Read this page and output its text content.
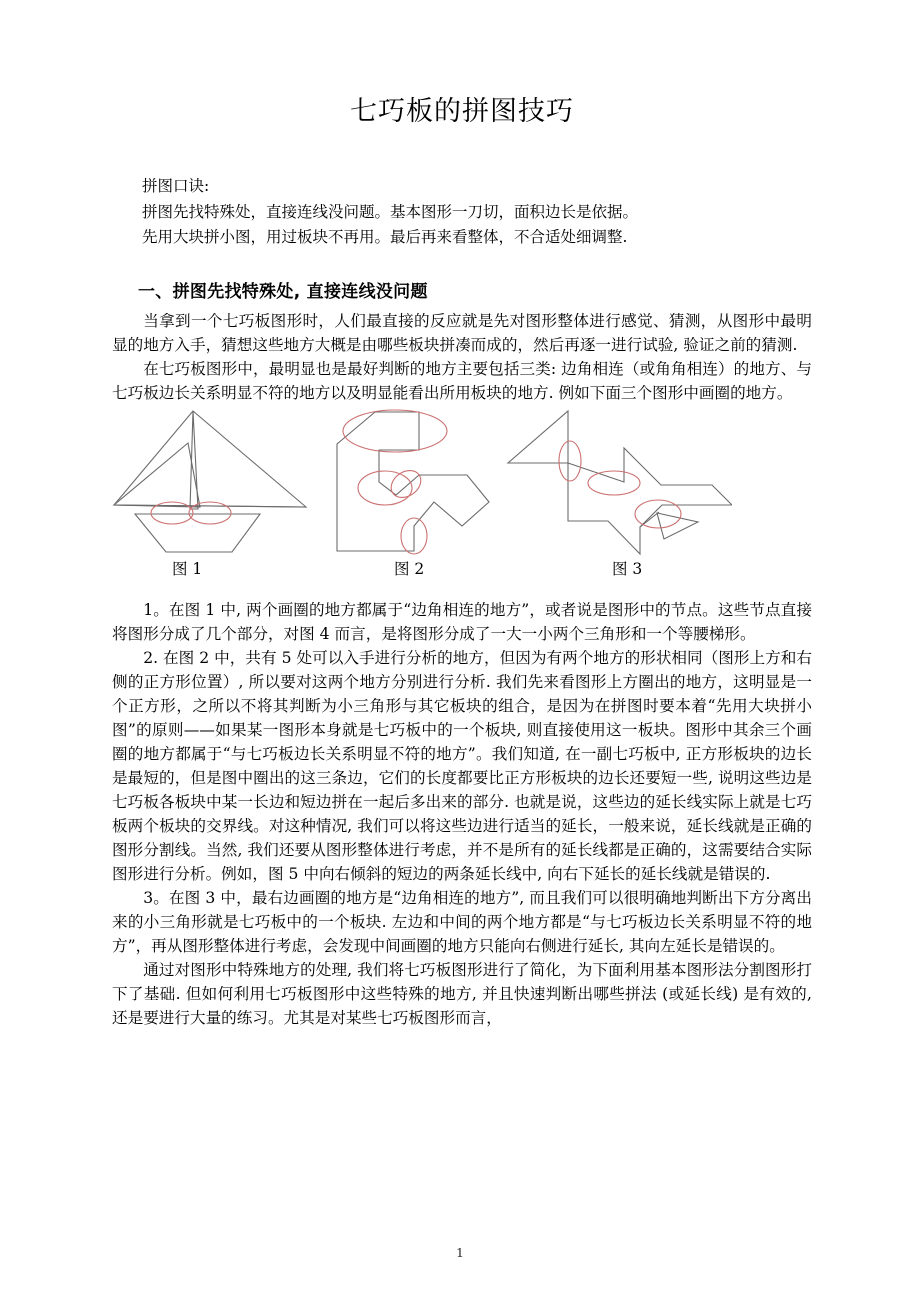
七巧板的拼图技巧
拼图口诀:
拼图先找特殊处，直接连线没问题。基本图形一刀切，面积边长是依据。
先用大块拼小图，用过板块不再用。最后再来看整体，不合适处细调整.
一、拼图先找特殊处, 直接连线没问题

当拿到一个七巧板图形时，人们最直接的反应就是先对图形整体进行感觉、猜测，从图形中最明显的地方入手，猜想这些地方大概是由哪些板块拼凑而成的，然后再逐一进行试验, 验证之前的猜测.

在七巧板图形中，最明显也是最好判断的地方主要包括三类: 边角相连（或角角相连）的地方、与七巧板边长关系明显不符的地方以及明显能看出所用板块的地方. 例如下面三个图形中画圈的地方。

图 1	图 2	图 3

1。在图 1 中, 两个画圈的地方都属于“边角相连的地方”，或者说是图形中的节点。这些节点直接将图形分成了几个部分，对图 4 而言，是将图形分成了一大一小两个三角形和一个等腰梯形。

2. 在图 2 中，共有 5 处可以入手进行分析的地方，但因为有两个地方的形状相同（图形上方和右侧的正方形位置）, 所以要对这两个地方分别进行分析. 我们先来看图形上方圈出的地方，这明显是一个正方形，之所以不将其判断为小三角形与其它板块的组合，是因为在拼图时要本着“先用大块拼小图”的原则——如果某一图形本身就是七巧板中的一个板块, 则直接使用这一板块。图形中其余三个画圈的地方都属于“与七巧板边长关系明显不符的地方”。我们知道, 在一副七巧板中, 正方形板块的边长是最短的，但是图中圈出的这三条边，它们的长度都要比正方形板块的边长还要短一些, 说明这些边是七巧板各板块中某一长边和短边拼在一起后多出来的部分. 也就是说，这些边的延长线实际上就是七巧板两个板块的交界线。对这种情况, 我们可以将这些边进行适当的延长，一般来说，延长线就是正确的图形分割线。当然, 我们还要从图形整体进行考虑，并不是所有的延长线都是正确的，这需要结合实际图形进行分析。例如，图 5 中向右倾斜的短边的两条延长线中, 向右下延长的延长线就是错误的.

3。在图 3 中，最右边画圈的地方是“边角相连的地方”, 而且我们可以很明确地判断出下方分离出来的小三角形就是七巧板中的一个板块. 左边和中间的两个地方都是“与七巧板边长关系明显不符的地方”，再从图形整体进行考虑，会发现中间画圈的地方只能向右侧进行延长, 其向左延长是错误的。

通过对图形中特殊地方的处理, 我们将七巧板图形进行了简化，为下面利用基本图形法分割图形打下了基础. 但如何利用七巧板图形中这些特殊的地方, 并且快速判断出哪些拼法 (或延长线) 是有效的, 还是要进行大量的练习。尤其是对某些七巧板图形而言，

1
